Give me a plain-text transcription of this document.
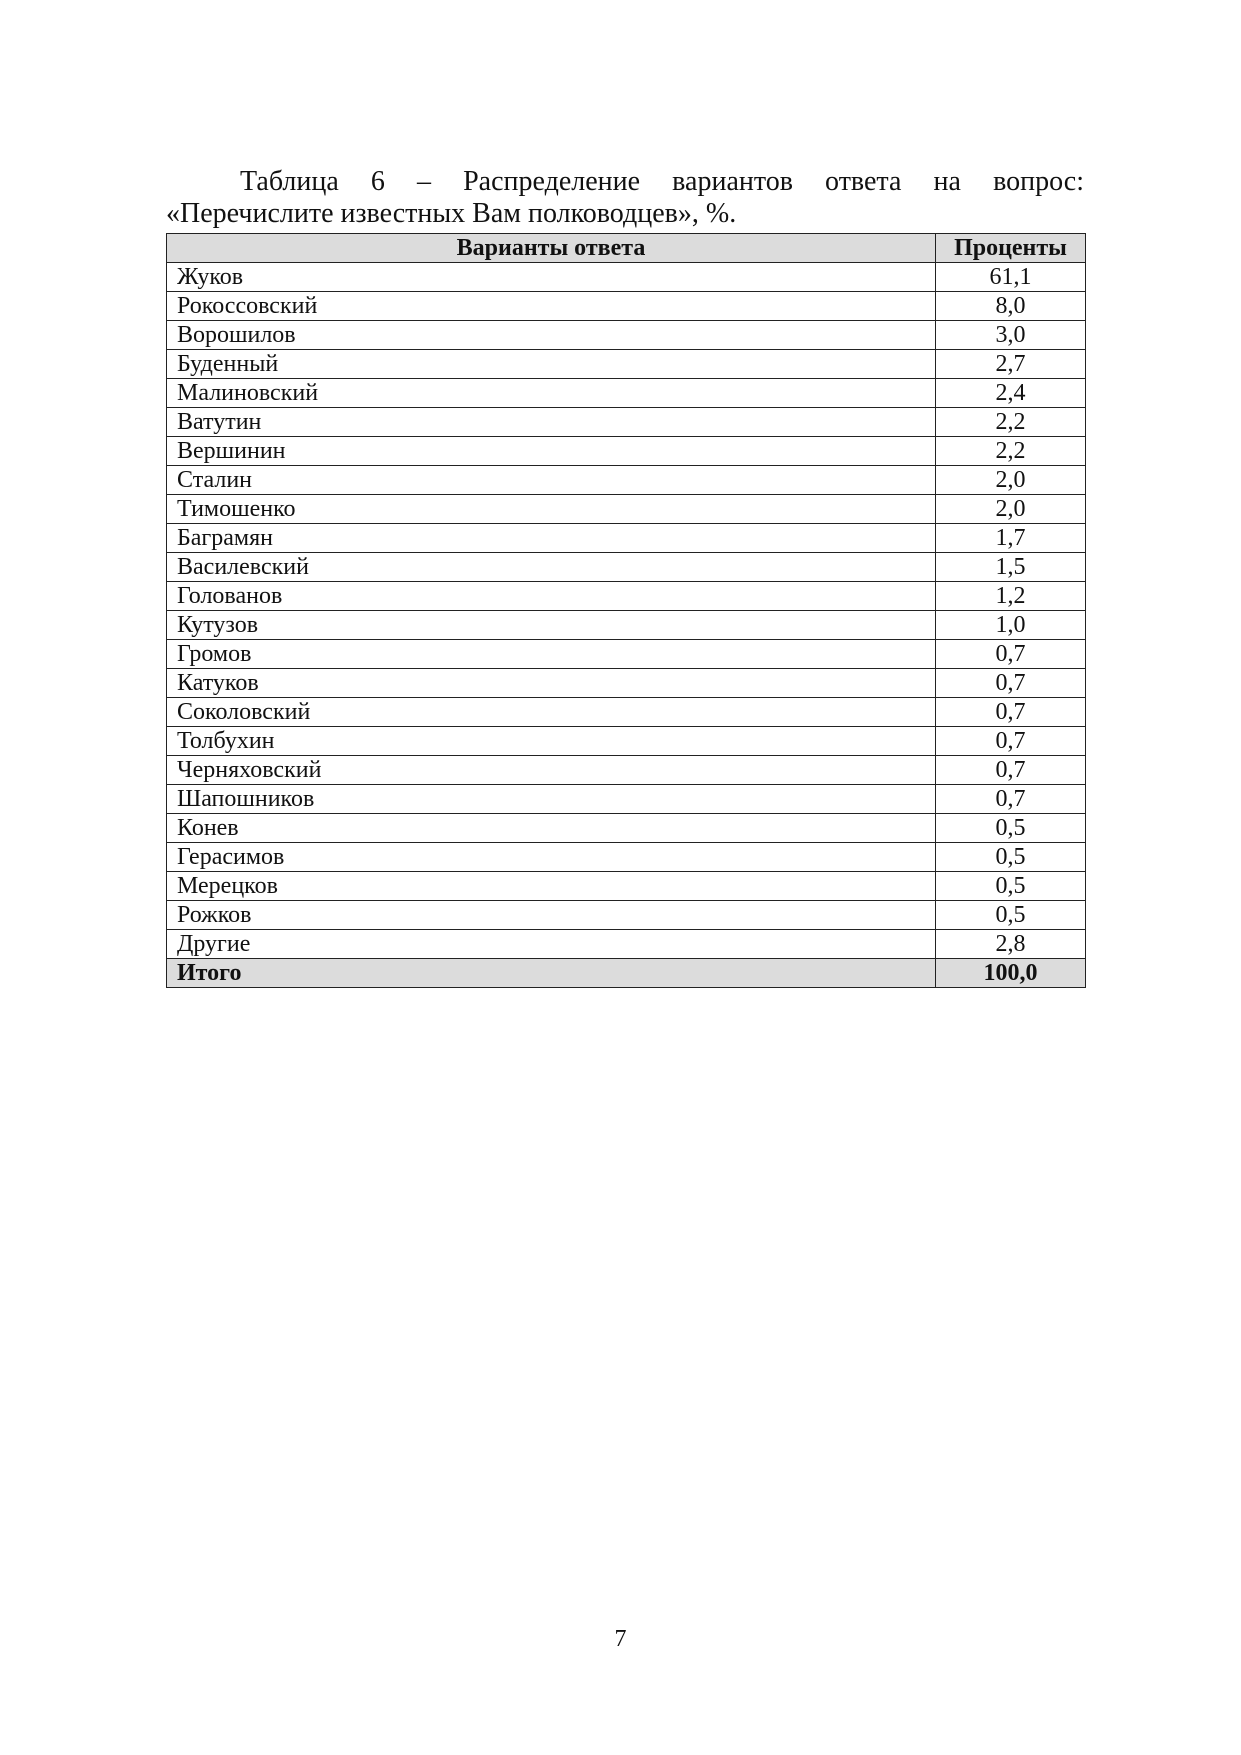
Таблица 6 – Распределение вариантов ответа на вопрос:
«Перечислите известных Вам полководцев», %.
Варианты ответа	Проценты
Жуков	61,1
Рокоссовский	8,0
Ворошилов	3,0
Буденный	2,7
Малиновский	2,4
Ватутин	2,2
Вершинин	2,2
Сталин	2,0
Тимошенко	2,0
Баграмян	1,7
Василевский	1,5
Голованов	1,2
Кутузов	1,0
Громов	0,7
Катуков	0,7
Соколовский	0,7
Толбухин	0,7
Черняховский	0,7
Шапошников	0,7
Конев	0,5
Герасимов	0,5
Мерецков	0,5
Рожков	0,5
Другие	2,8
Итого	100,0
7
